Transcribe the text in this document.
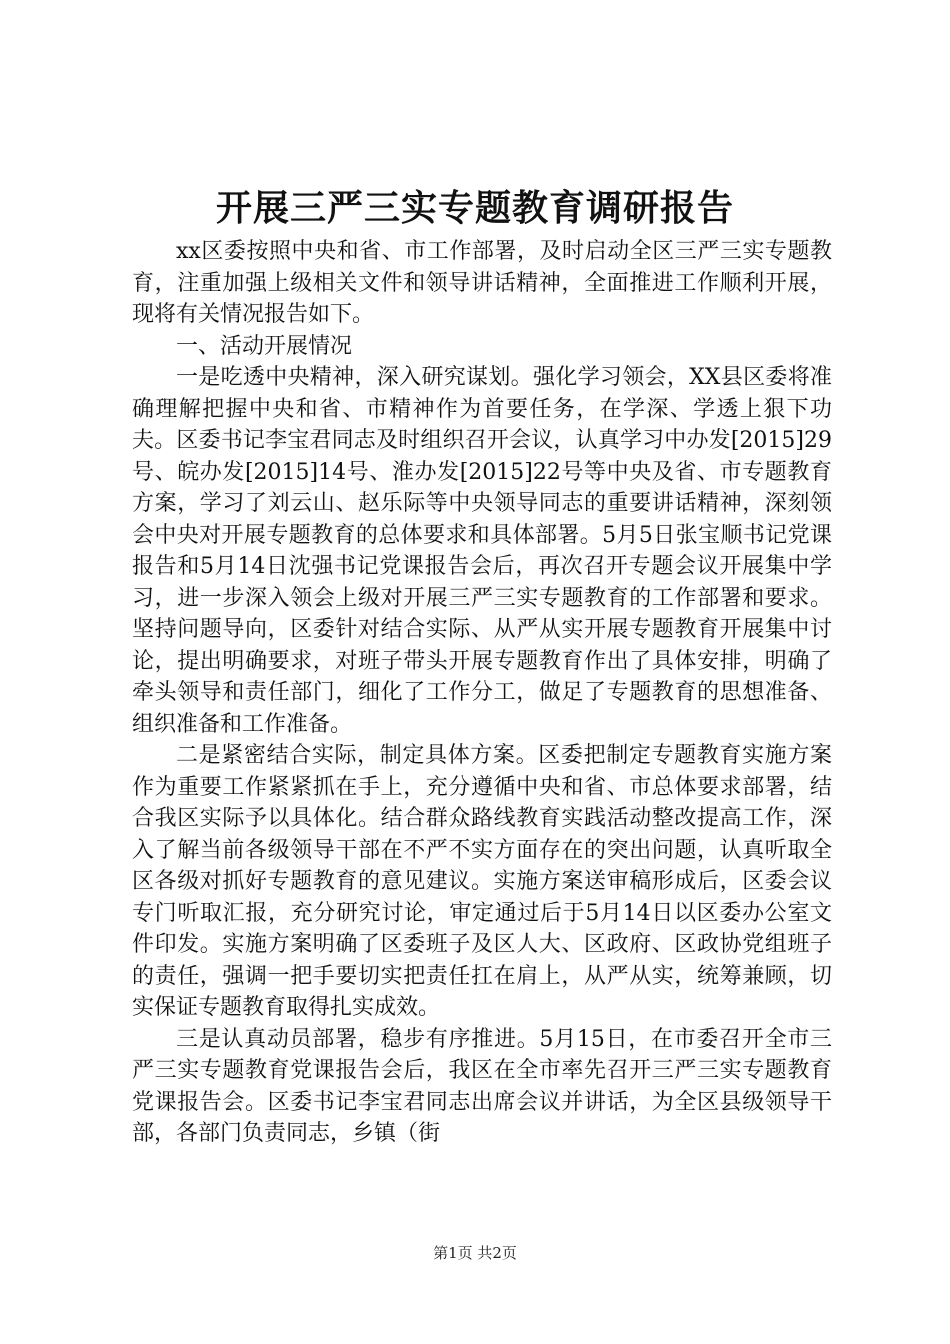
开展三严三实专题教育调研报告

xx区委按照中央和省、市工作部署，及时启动全区三严三实专题教育，注重加强上级相关文件和领导讲话精神，全面推进工作顺利开展，现将有关情况报告如下。

一、活动开展情况

一是吃透中央精神，深入研究谋划。强化学习领会，XX县区委将准确理解把握中央和省、市精神作为首要任务，在学深、学透上狠下功夫。区委书记李宝君同志及时组织召开会议，认真学习中办发[2015]29号、皖办发[2015]14号、淮办发[2015]22号等中央及省、市专题教育方案，学习了刘云山、赵乐际等中央领导同志的重要讲话精神，深刻领会中央对开展专题教育的总体要求和具体部署。5月5日张宝顺书记党课报告和5月14日沈强书记党课报告会后，再次召开专题会议开展集中学习，进一步深入领会上级对开展三严三实专题教育的工作部署和要求。坚持问题导向，区委针对结合实际、从严从实开展专题教育开展集中讨论，提出明确要求，对班子带头开展专题教育作出了具体安排，明确了牵头领导和责任部门，细化了工作分工，做足了专题教育的思想准备、组织准备和工作准备。

二是紧密结合实际，制定具体方案。区委把制定专题教育实施方案作为重要工作紧紧抓在手上，充分遵循中央和省、市总体要求部署，结合我区实际予以具体化。结合群众路线教育实践活动整改提高工作，深入了解当前各级领导干部在不严不实方面存在的突出问题，认真听取全区各级对抓好专题教育的意见建议。实施方案送审稿形成后，区委会议专门听取汇报，充分研究讨论，审定通过后于5月14日以区委办公室文件印发。实施方案明确了区委班子及区人大、区政府、区政协党组班子的责任，强调一把手要切实把责任扛在肩上，从严从实，统筹兼顾，切实保证专题教育取得扎实成效。

三是认真动员部署，稳步有序推进。5月15日，在市委召开全市三严三实专题教育党课报告会后，我区在全市率先召开三严三实专题教育党课报告会。区委书记李宝君同志出席会议并讲话，为全区县级领导干部，各部门负责同志，乡镇（街

第1页 共2页
